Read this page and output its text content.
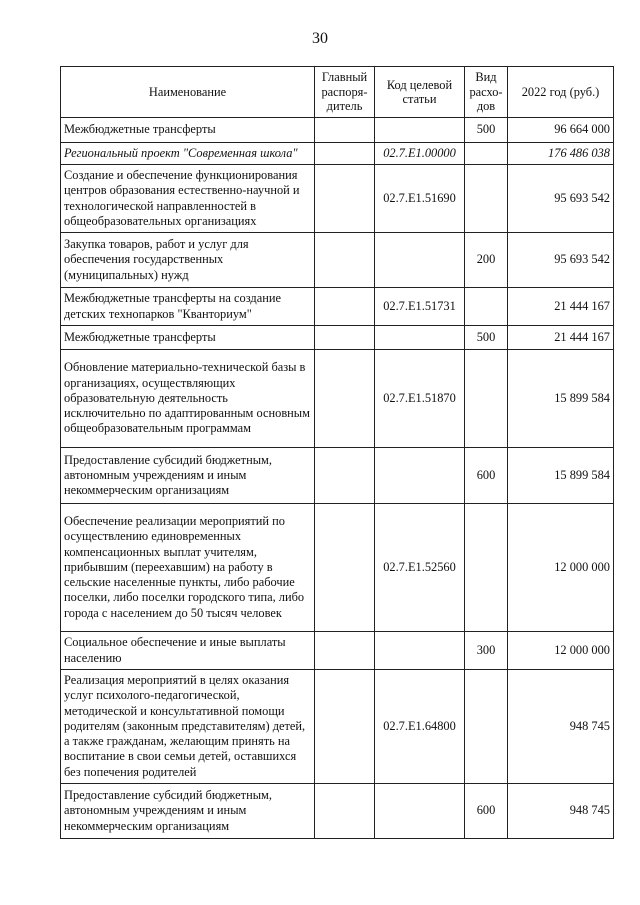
30
Наименование	Главный распоря-дитель	Код целевой статьи	Вид расхо-дов	2022 год (руб.)
Межбюджетные трансферты			500	96 664 000
Региональный проект "Современная школа"		02.7.E1.00000		176 486 038
Создание и обеспечение функционирования центров образования естественно-научной и технологической направленностей в общеобразовательных организациях		02.7.E1.51690		95 693 542
Закупка товаров, работ и услуг для обеспечения государственных (муниципальных) нужд			200	95 693 542
Межбюджетные трансферты на создание детских технопарков "Кванториум"		02.7.E1.51731		21 444 167
Межбюджетные трансферты			500	21 444 167
Обновление материально-технической базы в организациях, осуществляющих образовательную деятельность исключительно по адаптированным основным общеобразовательным программам		02.7.E1.51870		15 899 584
Предоставление субсидий бюджетным, автономным учреждениям и иным некоммерческим организациям			600	15 899 584
Обеспечение реализации мероприятий по осуществлению единовременных компенсационных выплат учителям, прибывшим (переехавшим) на работу в сельские населенные пункты, либо рабочие поселки, либо поселки городского типа, либо города с населением до 50 тысяч человек		02.7.E1.52560		12 000 000
Социальное обеспечение и иные выплаты населению			300	12 000 000
Реализация мероприятий в целях оказания услуг психолого-педагогической, методической и консультативной помощи родителям (законным представителям) детей, а также гражданам, желающим принять на воспитание в свои семьи детей, оставшихся без попечения родителей		02.7.E1.64800		948 745
Предоставление субсидий бюджетным, автономным учреждениям и иным некоммерческим организациям			600	948 745
